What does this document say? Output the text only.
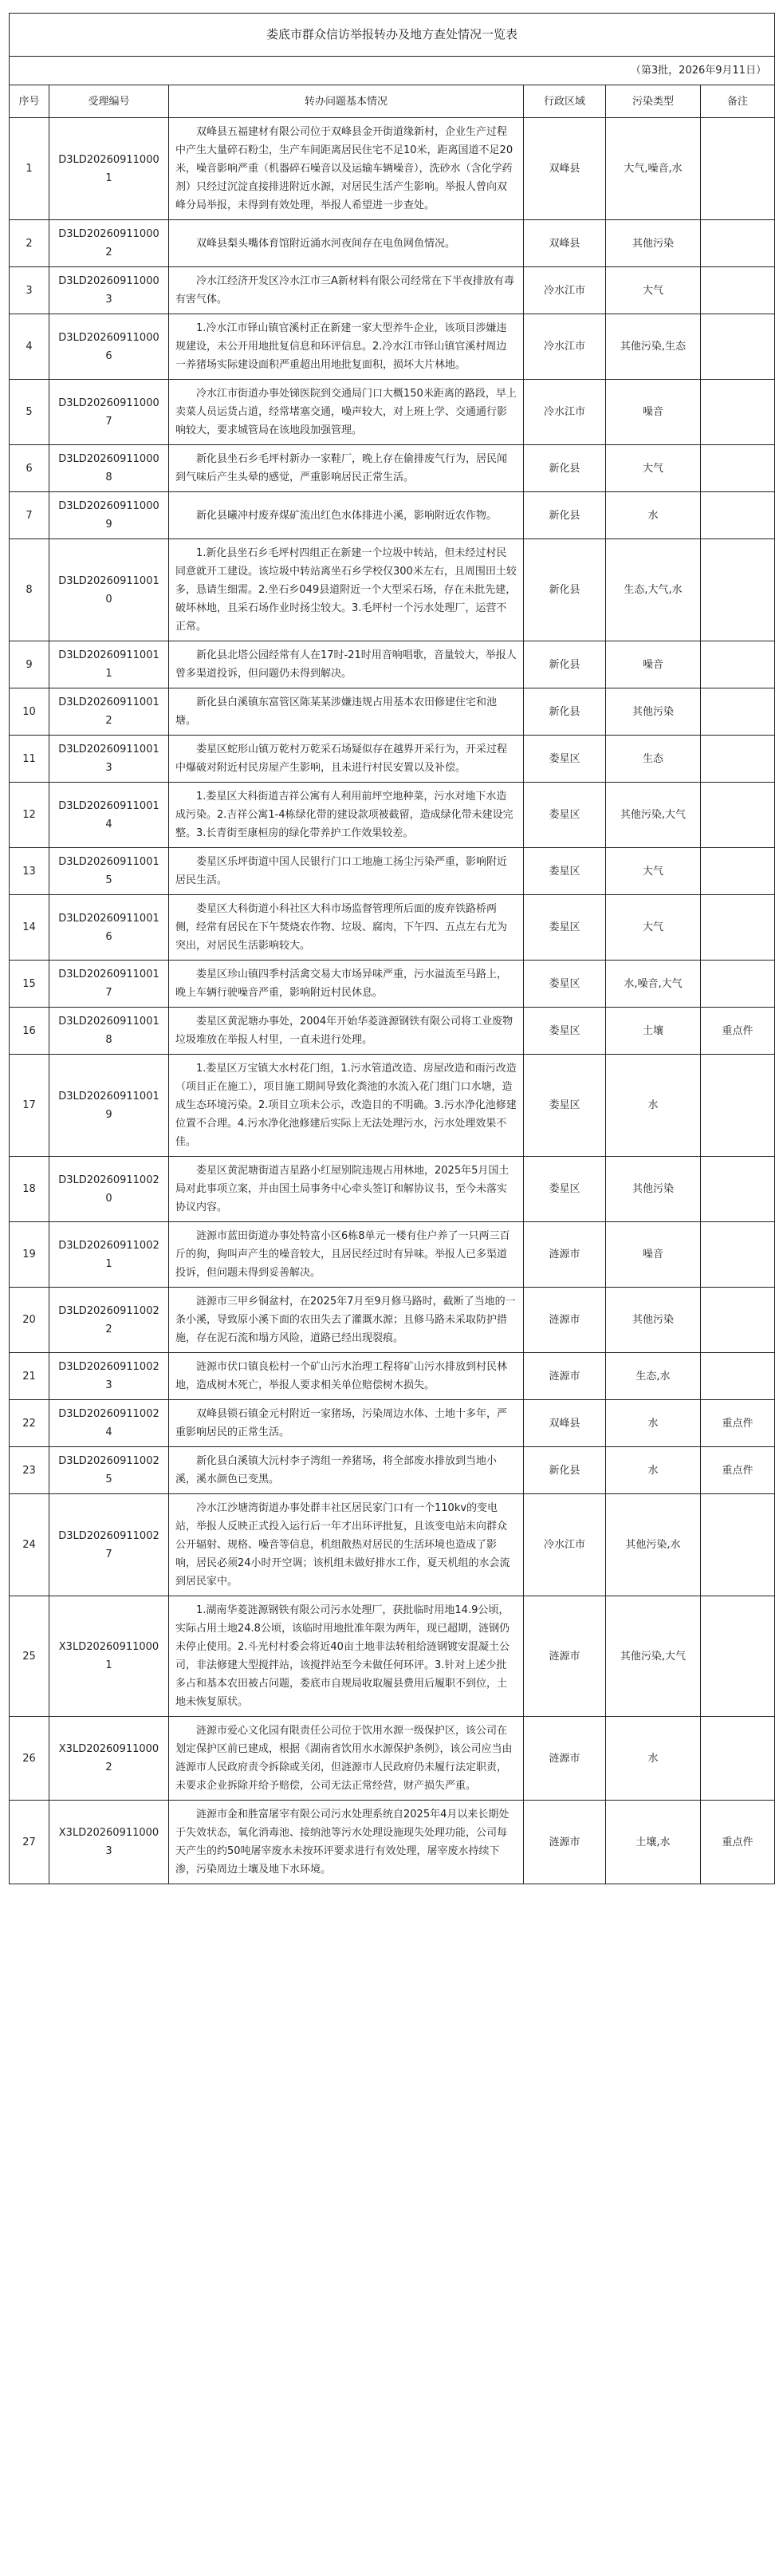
娄底市群众信访举报转办及地方查处情况一览表					
（第3批，2026年9月11日）					
序号	受理编号	转办问题基本情况	行政区域	污染类型	备注
1	D3LD202609110001	双峰县五福建材有限公司位于双峰县金开街道缘新村，企业生产过程中产生大量碎石粉尘，生产车间距离居民住宅不足10米，距离国道不足20米，噪音影响严重（机器碎石噪音以及运输车辆噪音），洗砂水（含化学药剂）只经过沉淀直接排进附近水源，对居民生活产生影响。举报人曾向双峰分局举报，未得到有效处理，举报人希望进一步查处。	双峰县	大气,噪音,水	
2	D3LD202609110002	双峰县梨头嘴体育馆附近涌水河夜间存在电鱼网鱼情况。	双峰县	其他污染	
3	D3LD202609110003	冷水江经济开发区冷水江市三A新材料有限公司经常在下半夜排放有毒有害气体。	冷水江市	大气	
4	D3LD202609110006	1.冷水江市铎山镇官溪村正在新建一家大型养牛企业，该项目涉嫌违规建设，未公开用地批复信息和环评信息。2.冷水江市铎山镇官溪村周边一养猪场实际建设面积严重超出用地批复面积，损坏大片林地。	冷水江市	其他污染,生态	
5	D3LD202609110007	冷水江市街道办事处锑医院到交通局门口大概150米距离的路段，早上卖菜人员运货占道，经常堵塞交通，噪声较大，对上班上学、交通通行影响较大，要求城管局在该地段加强管理。	冷水江市	噪音	
6	D3LD202609110008	新化县坐石乡毛坪村新办一家鞋厂，晚上存在偷排废气行为，居民闻到气味后产生头晕的感觉，严重影响居民正常生活。	新化县	大气	
7	D3LD202609110009	新化县曦冲村废弃煤矿流出红色水体排进小溪，影响附近农作物。	新化县	水	
8	D3LD202609110010	1.新化县坐石乡毛坪村四组正在新建一个垃圾中转站，但未经过村民同意就开工建设。该垃圾中转站离坐石乡学校仅300米左右，且周围田土较多，恳请生细需。2.坐石乡049县道附近一个大型采石场，存在未批先建，破坏林地，且采石场作业时扬尘较大。3.毛坪村一个污水处理厂，运营不正常。	新化县	生态,大气,水	
9	D3LD202609110011	新化县北塔公园经常有人在17时-21时用音响唱歌，音量较大，举报人曾多渠道投诉，但问题仍未得到解决。	新化县	噪音	
10	D3LD202609110012	新化县白溪镇东富管区陈某某涉嫌违规占用基本农田修建住宅和池塘。	新化县	其他污染	
11	D3LD202609110013	娄星区蛇形山镇万乾村万乾采石场疑似存在越界开采行为，开采过程中爆破对附近村民房屋产生影响，且未进行村民安置以及补偿。	娄星区	生态	
12	D3LD202609110014	1.娄星区大科街道吉祥公寓有人利用前坪空地种菜，污水对地下水造成污染。2.吉祥公寓1-4栋绿化带的建设款项被截留，造成绿化带未建设完整。3.长青街至康桓房的绿化带养护工作效果较差。	娄星区	其他污染,大气	
13	D3LD202609110015	娄星区乐坪街道中国人民银行门口工地施工扬尘污染严重，影响附近居民生活。	娄星区	大气	
14	D3LD202609110016	娄星区大科街道小科社区大科市场监督管理所后面的废弃铁路桥两侧，经常有居民在下午焚烧农作物、垃圾、腐肉，下午四、五点左右尤为突出，对居民生活影响较大。	娄星区	大气	
15	D3LD202609110017	娄星区珍山镇四季村活禽交易大市场异味严重，污水溢流至马路上，晚上车辆行驶噪音严重，影响附近村民休息。	娄星区	水,噪音,大气	
16	D3LD202609110018	娄星区黄泥塘办事处，2004年开始华菱涟源钢铁有限公司将工业废物垃圾堆放在举报人村里，一直未进行处理。	娄星区	土壤	重点件
17	D3LD202609110019	1.娄星区万宝镇大水村花门组，1.污水管道改造、房屋改造和雨污改造（项目正在施工），项目施工期间导致化粪池的水流入花门组门口水塘，造成生态环境污染。2.项目立项未公示，改造目的不明确。3.污水净化池修建位置不合理。4.污水净化池修建后实际上无法处理污水，污水处理效果不佳。	娄星区	水	
18	D3LD202609110020	娄星区黄泥塘街道吉星路小红屋别院违规占用林地，2025年5月国土局对此事项立案，并由国土局事务中心牵头签订和解协议书，至今未落实协议内容。	娄星区	其他污染	
19	D3LD202609110021	涟源市蓝田街道办事处特富小区6栋8单元一楼有住户养了一只两三百斤的狗，狗叫声产生的噪音较大，且居民经过时有异味。举报人已多渠道投诉，但问题未得到妥善解决。	涟源市	噪音	
20	D3LD202609110022	涟源市三甲乡铜盆村，在2025年7月至9月修马路时，截断了当地的一条小溪，导致原小溪下面的农田失去了灌溉水源；且修马路未采取防护措施，存在泥石流和塌方风险，道路已经出现裂痕。	涟源市	其他污染	
21	D3LD202609110023	涟源市伏口镇良松村一个矿山污水治理工程将矿山污水排放到村民林地，造成树木死亡，举报人要求相关单位赔偿树木损失。	涟源市	生态,水	
22	D3LD202609110024	双峰县锁石镇金元村附近一家猪场，污染周边水体、土地十多年，严重影响居民的正常生活。	双峰县	水	重点件
23	D3LD202609110025	新化县白溪镇大沅村李子湾组一养猪场，将全部废水排放到当地小溪，溪水颜色已变黑。	新化县	水	重点件
24	D3LD202609110027	冷水江沙塘湾街道办事处群丰社区居民家门口有一个110kv的变电站，举报人反映正式投入运行后一年才出环评批复，且该变电站未向群众公开辐射、规格、噪音等信息，机组散热对居民的生活环境也造成了影响，居民必须24小时开空调；该机组未做好排水工作，夏天机组的水会流到居民家中。	冷水江市	其他污染,水	
25	X3LD202609110001	1.湖南华菱涟源钢铁有限公司污水处理厂，获批临时用地14.9公顷，实际占用土地24.8公顷，该临时用地批准年限为两年，现已超期，涟钢仍未停止使用。2.斗光村村委会将近40亩土地非法转租给涟钢镀安混凝土公司，非法修建大型搅拌站，该搅拌站至今未做任何环评。3.针对上述少批多占和基本农田被占问题，娄底市自规局收取履县费用后履职不到位，土地未恢复原状。	涟源市	其他污染,大气	
26	X3LD202609110002	涟源市爱心文化园有限责任公司位于饮用水源一级保护区，该公司在划定保护区前已建成，根据《湖南省饮用水水源保护条例》，该公司应当由涟源市人民政府责令拆除或关闭，但涟源市人民政府仍未履行法定职责，未要求企业拆除并给予赔偿，公司无法正常经营，财产损失严重。	涟源市	水	
27	X3LD202609110003	涟源市金和胜富屠宰有限公司污水处理系统自2025年4月以来长期处于失效状态，氧化消毒池、接纳池等污水处理设施现失处理功能，公司每天产生的约50吨屠宰废水未按环评要求进行有效处理，屠宰废水持续下渗，污染周边土壤及地下水环境。	涟源市	土壤,水	重点件
